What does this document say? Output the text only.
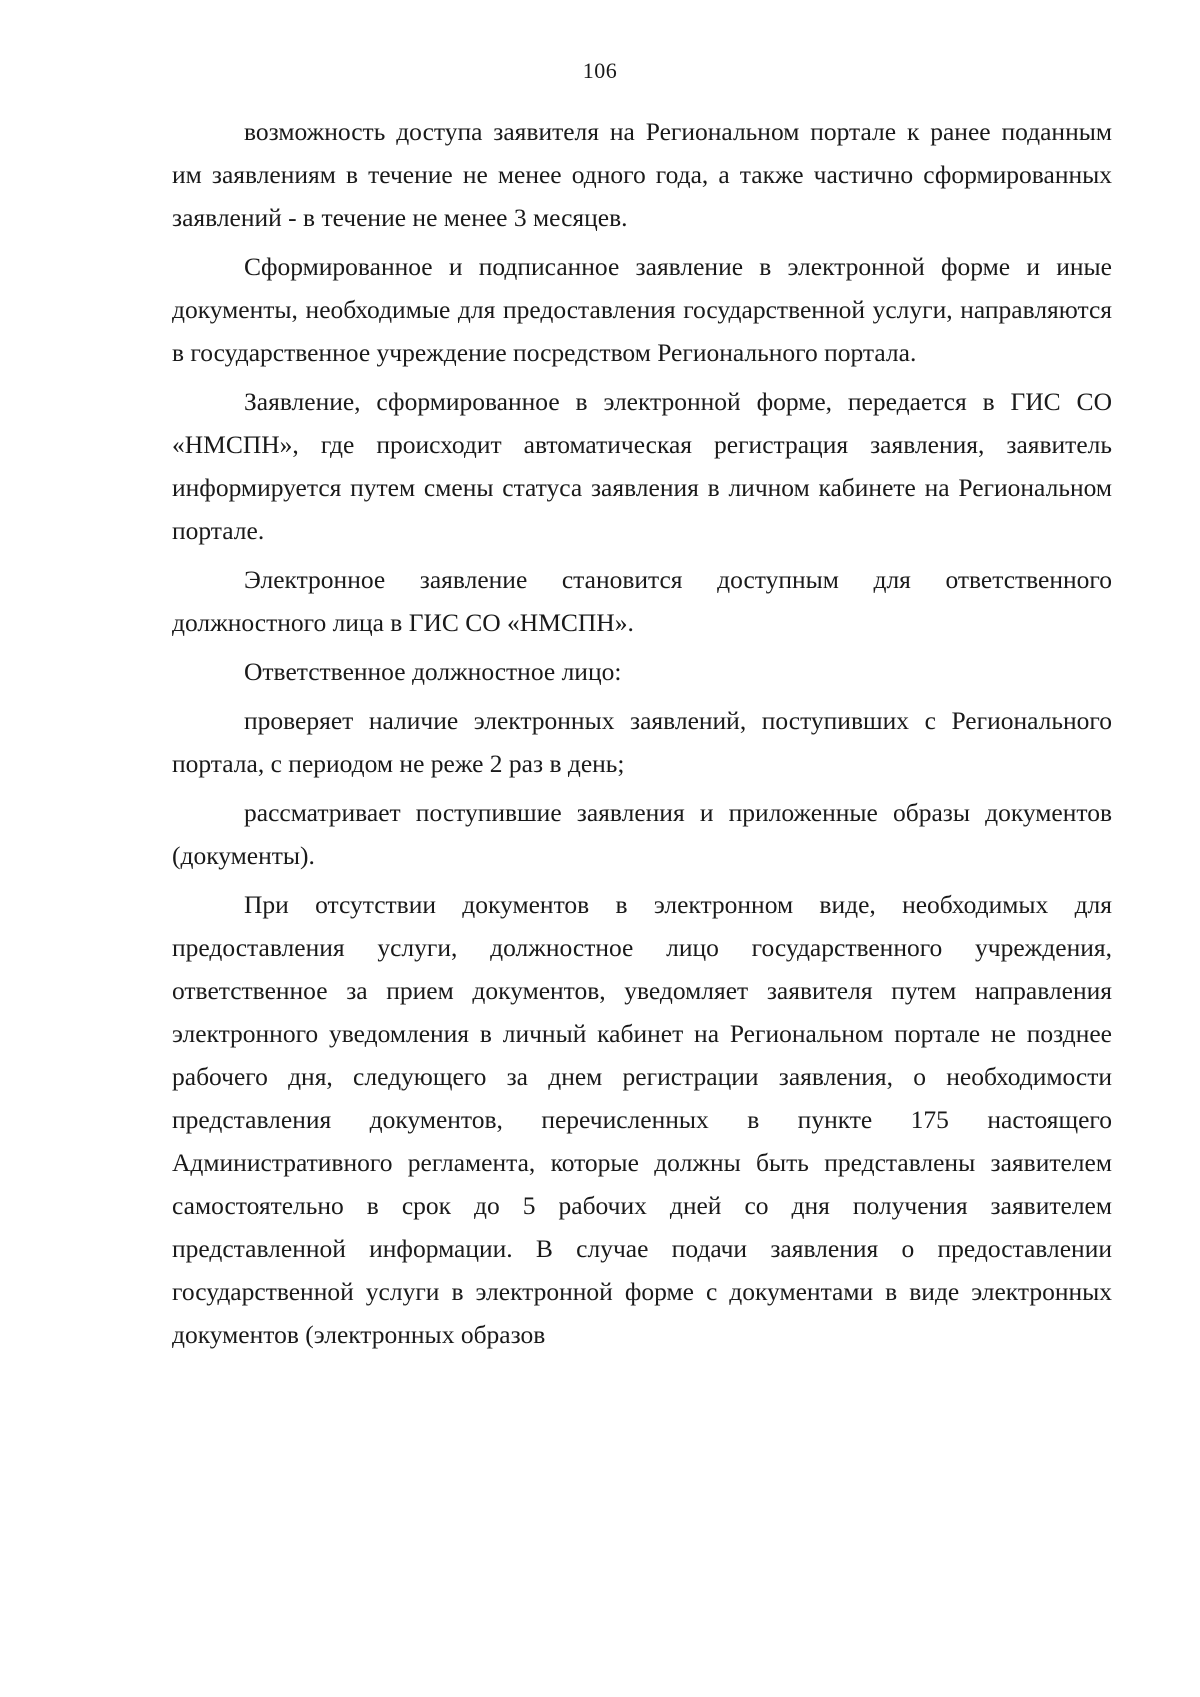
106

возможность доступа заявителя на Региональном портале к ранее поданным им заявлениям в течение не менее одного года, а также частично сформированных заявлений - в течение не менее 3 месяцев.

Сформированное и подписанное заявление в электронной форме и иные документы, необходимые для предоставления государственной услуги, направляются в государственное учреждение посредством Регионального портала.

Заявление, сформированное в электронной форме, передается в ГИС СО «НМСПН», где происходит автоматическая регистрация заявления, заявитель информируется путем смены статуса заявления в личном кабинете на Региональном портале.

Электронное заявление становится доступным для ответственного должностного лица в ГИС СО «НМСПН».

Ответственное должностное лицо:

проверяет наличие электронных заявлений, поступивших с Регионального портала, с периодом не реже 2 раз в день;

рассматривает поступившие заявления и приложенные образы документов (документы).

При отсутствии документов в электронном виде, необходимых для предоставления услуги, должностное лицо государственного учреждения, ответственное за прием документов, уведомляет заявителя путем направления электронного уведомления в личный кабинет на Региональном портале не позднее рабочего дня, следующего за днем регистрации заявления, о необходимости представления документов, перечисленных в пункте 175 настоящего Административного регламента, которые должны быть представлены заявителем самостоятельно в срок до 5 рабочих дней со дня получения заявителем представленной информации. В случае подачи заявления о предоставлении государственной услуги в электронной форме с документами в виде электронных документов (электронных образов
